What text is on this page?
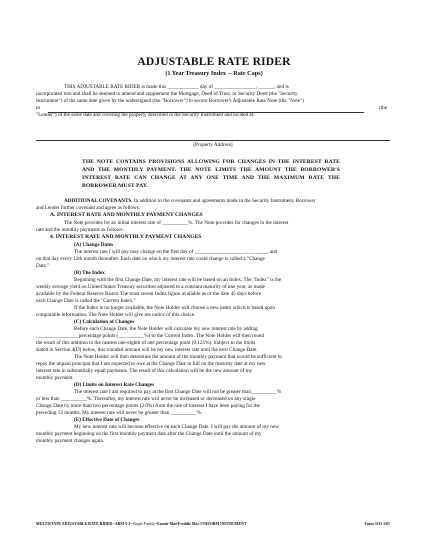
ADJUSTABLE RATE RIDER
(1 Year Treasury Index -- Rate Caps)
THIS ADJUSTABLE RATE RIDER is made this ____________ day of ________________, ______, and is
incorporated into and shall be deemed to amend and supplement the Mortgage, Deed of Trust, or Security Deed (the "Security
Instrument") of the same date given by the undersigned (the "Borrower") to secure Borrower's Adjustable Rate Note (the "Note")
to	(the
"Lender") of the same date and covering the property described in the Security Instrument and located at:
[Property Address]
THE NOTE CONTAINS PROVISIONS ALLOWING FOR CHANGES IN THE INTEREST RATE AND THE MONTHLY PAYMENT. THE NOTE LIMITS THE AMOUNT THE BORROWER'S INTEREST RATE CAN CHANGE AT ANY ONE TIME AND THE MAXIMUM RATE THE BORROWER MUST PAY.
ADDITIONAL COVENANTS. In addition to the covenants and agreements made in the Security Instrument, Borrower
and Lender further covenant and agree as follows:
A. INTEREST RATE AND MONTHLY PAYMENT CHANGES
The Note provides for an initial interest rate of __________%. The Note provides for changes in the interest
rate and the monthly payments as follows:
4. INTEREST RATE AND MONTHLY PAYMENT CHANGES
(A) Change Dates
The interest rate I will pay may change on the first day of ____________________, _______, and
on that day every 12th month thereafter. Each date on which my interest rate could change is called a "Change
Date."
(B) The Index
Beginning with the first Change Date, my interest rate will be based on an Index. The "Index" is the
weekly average yield on United States Treasury securities adjusted to a constant maturity of one year, as made
available by the Federal Reserve Board. The most recent Index figure available as of the date 45 days before
each Change Date is called the "Current Index."
If the Index is no longer available, the Note Holder will choose a new index which is based upon
comparable information. The Note Holder will give me notice of this choice.
(C) Calculation of Changes
Before each Change Date, the Note Holder will calculate my new interest rate by adding
________________ percentage points (__________%) to the Current Index. The Note Holder will then round
the result of this addition to the nearest one-eighth of one percentage point (0.125%). Subject to the limits
stated in Section 4(D) below, this rounded amount will be my new interest rate until the next Change Date.
The Note Holder will then determine the amount of the monthly payment that would be sufficient to
repay the unpaid principal that I am expected to owe at the Change Date in full on the maturity date at my new
interest rate in substantially equal payments. The result of this calculation will be the new amount of my
monthly payment.
(D) Limits on Interest Rate Changes
The interest rate I am required to pay at the first Change Date will not be greater than__________%
or less than __________%. Thereafter, my interest rate will never be increased or decreased on any single
Change Date by more than two percentage points (2.0%) from the rate of interest I have been paying for the
preceding 12 months. My interest rate will never be greater than __________%.
(E) Effective Date of Changes
My new interest rate will become effective on each Change Date. I will pay the amount of my new
monthly payment beginning on the first monthly payment date after the Change Date until the amount of my
monthly payment changes again.
MULTISTATE ADJUSTABLE RATE RIDER--ARM 5-2--Single Family--Fannie Mae/Freddie Mac UNIFORM INSTRUMENT	Form 3111 1/01
